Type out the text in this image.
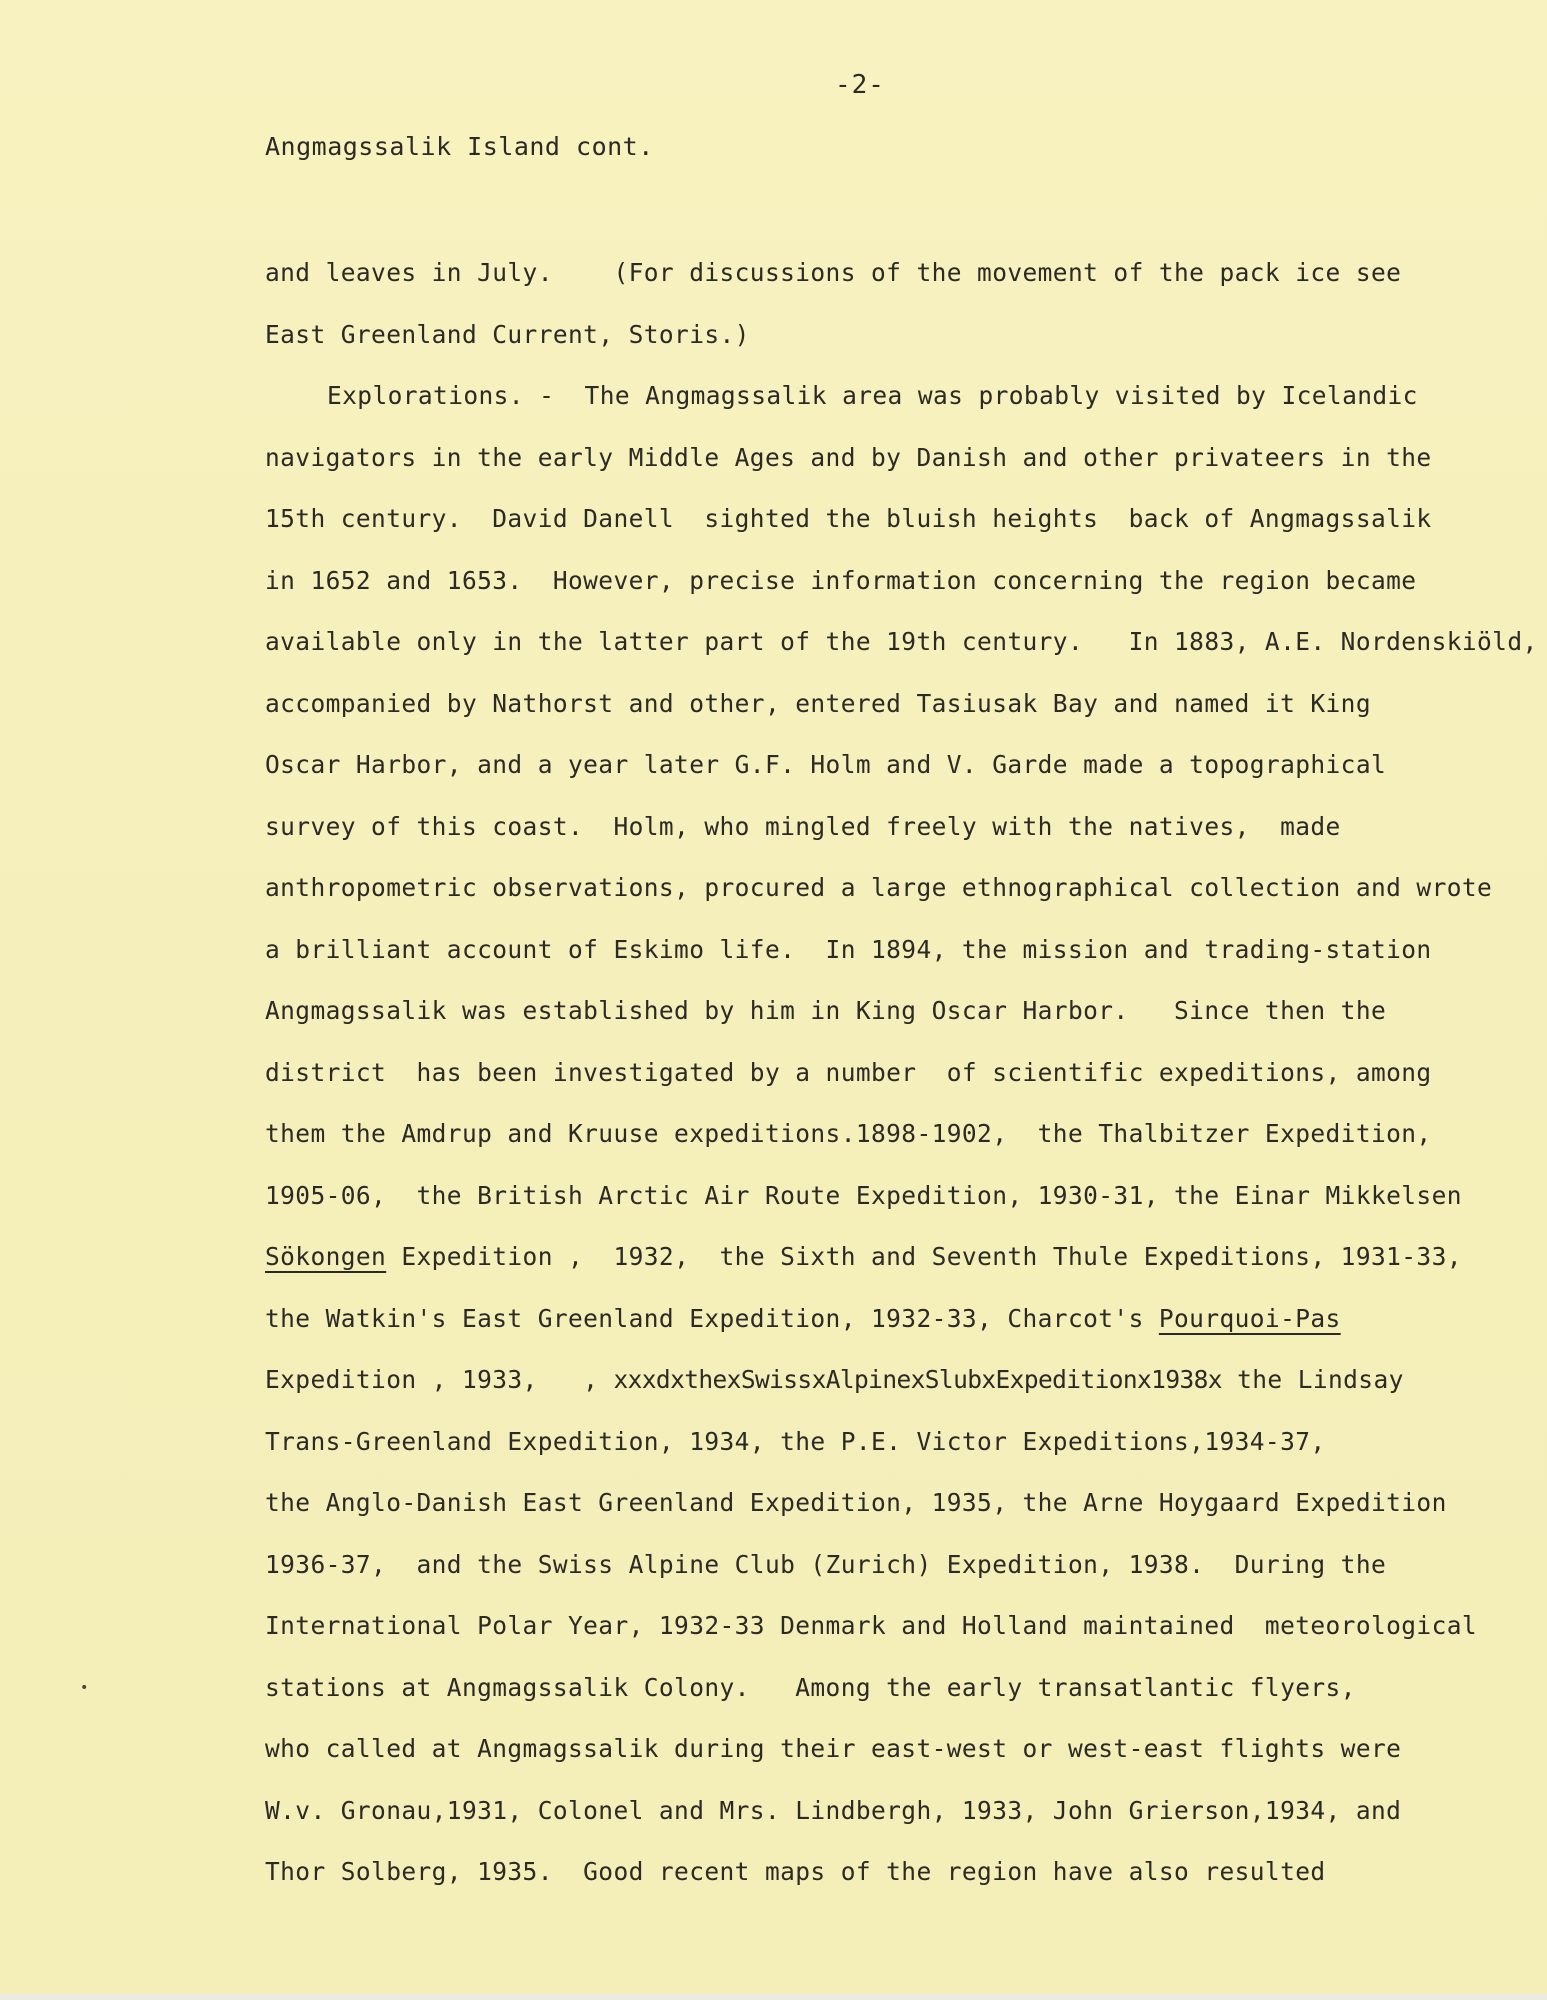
-2-
Angmagssalik Island cont.
and leaves in July.    (For discussions of the movement of the pack ice see
East Greenland Current, Storis.)
Explorations. -  The Angmagssalik area was probably visited by Icelandic
navigators in the early Middle Ages and by Danish and other privateers in the
15th century.  David Danell  sighted the bluish heights  back of Angmagssalik
in 1652 and 1653.  However, precise information concerning the region became
available only in the latter part of the 19th century.   In 1883, A.E. Nordenskiöld,
accompanied by Nathorst and other, entered Tasiusak Bay and named it King
Oscar Harbor, and a year later G.F. Holm and V. Garde made a topographical
survey of this coast.  Holm, who mingled freely with the natives,  made
anthropometric observations, procured a large ethnographical collection and wrote
a brilliant account of Eskimo life.  In 1894, the mission and trading-station
Angmagssalik was established by him in King Oscar Harbor.   Since then the
district  has been investigated by a number  of scientific expeditions, among
them the Amdrup and Kruuse expeditions.1898-1902,  the Thalbitzer Expedition,
1905-06,  the British Arctic Air Route Expedition, 1930-31, the Einar Mikkelsen
Sökongen Expedition ,  1932,  the Sixth and Seventh Thule Expeditions, 1931-33,
the Watkin's East Greenland Expedition, 1932-33, Charcot's Pourquoi-Pas
Expedition , 1933,   , xxxdxthexSwissxAlpinexSlubxExpeditionx1938x the Lindsay
Trans-Greenland Expedition, 1934, the P.E. Victor Expeditions,1934-37,
the Anglo-Danish East Greenland Expedition, 1935, the Arne Hoygaard Expedition
1936-37,  and the Swiss Alpine Club (Zurich) Expedition, 1938.  During the
International Polar Year, 1932-33 Denmark and Holland maintained  meteorological
stations at Angmagssalik Colony.   Among the early transatlantic flyers,
who called at Angmagssalik during their east-west or west-east flights were
W.v. Gronau,1931, Colonel and Mrs. Lindbergh, 1933, John Grierson,1934, and
Thor Solberg, 1935.  Good recent maps of the region have also resulted
•
